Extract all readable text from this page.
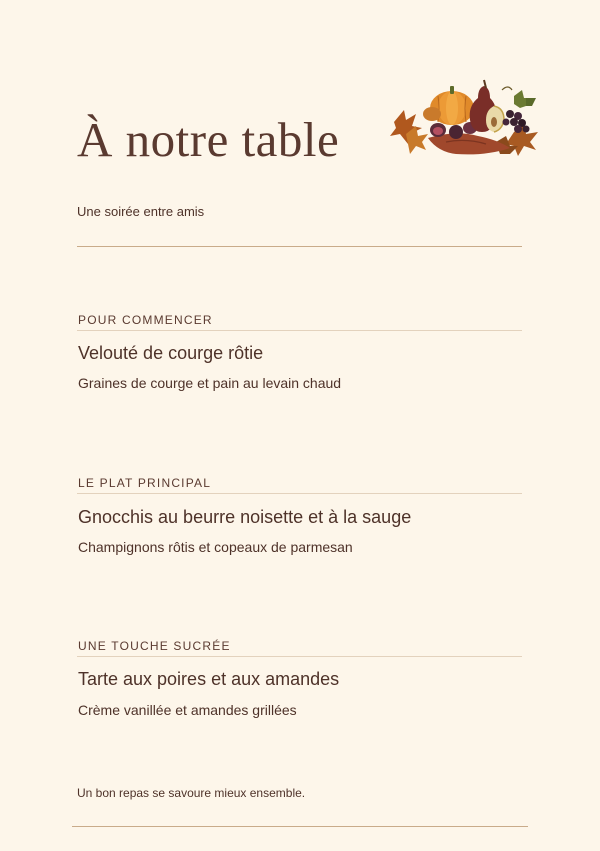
À notre table
Une soirée entre amis
POUR COMMENCER
Velouté de courge rôtie
Graines de courge et pain au levain chaud
LE PLAT PRINCIPAL
Gnocchis au beurre noisette et à la sauge
Champignons rôtis et copeaux de parmesan
UNE TOUCHE SUCRÉE
Tarte aux poires et aux amandes
Crème vanillée et amandes grillées
Un bon repas se savoure mieux ensemble.
